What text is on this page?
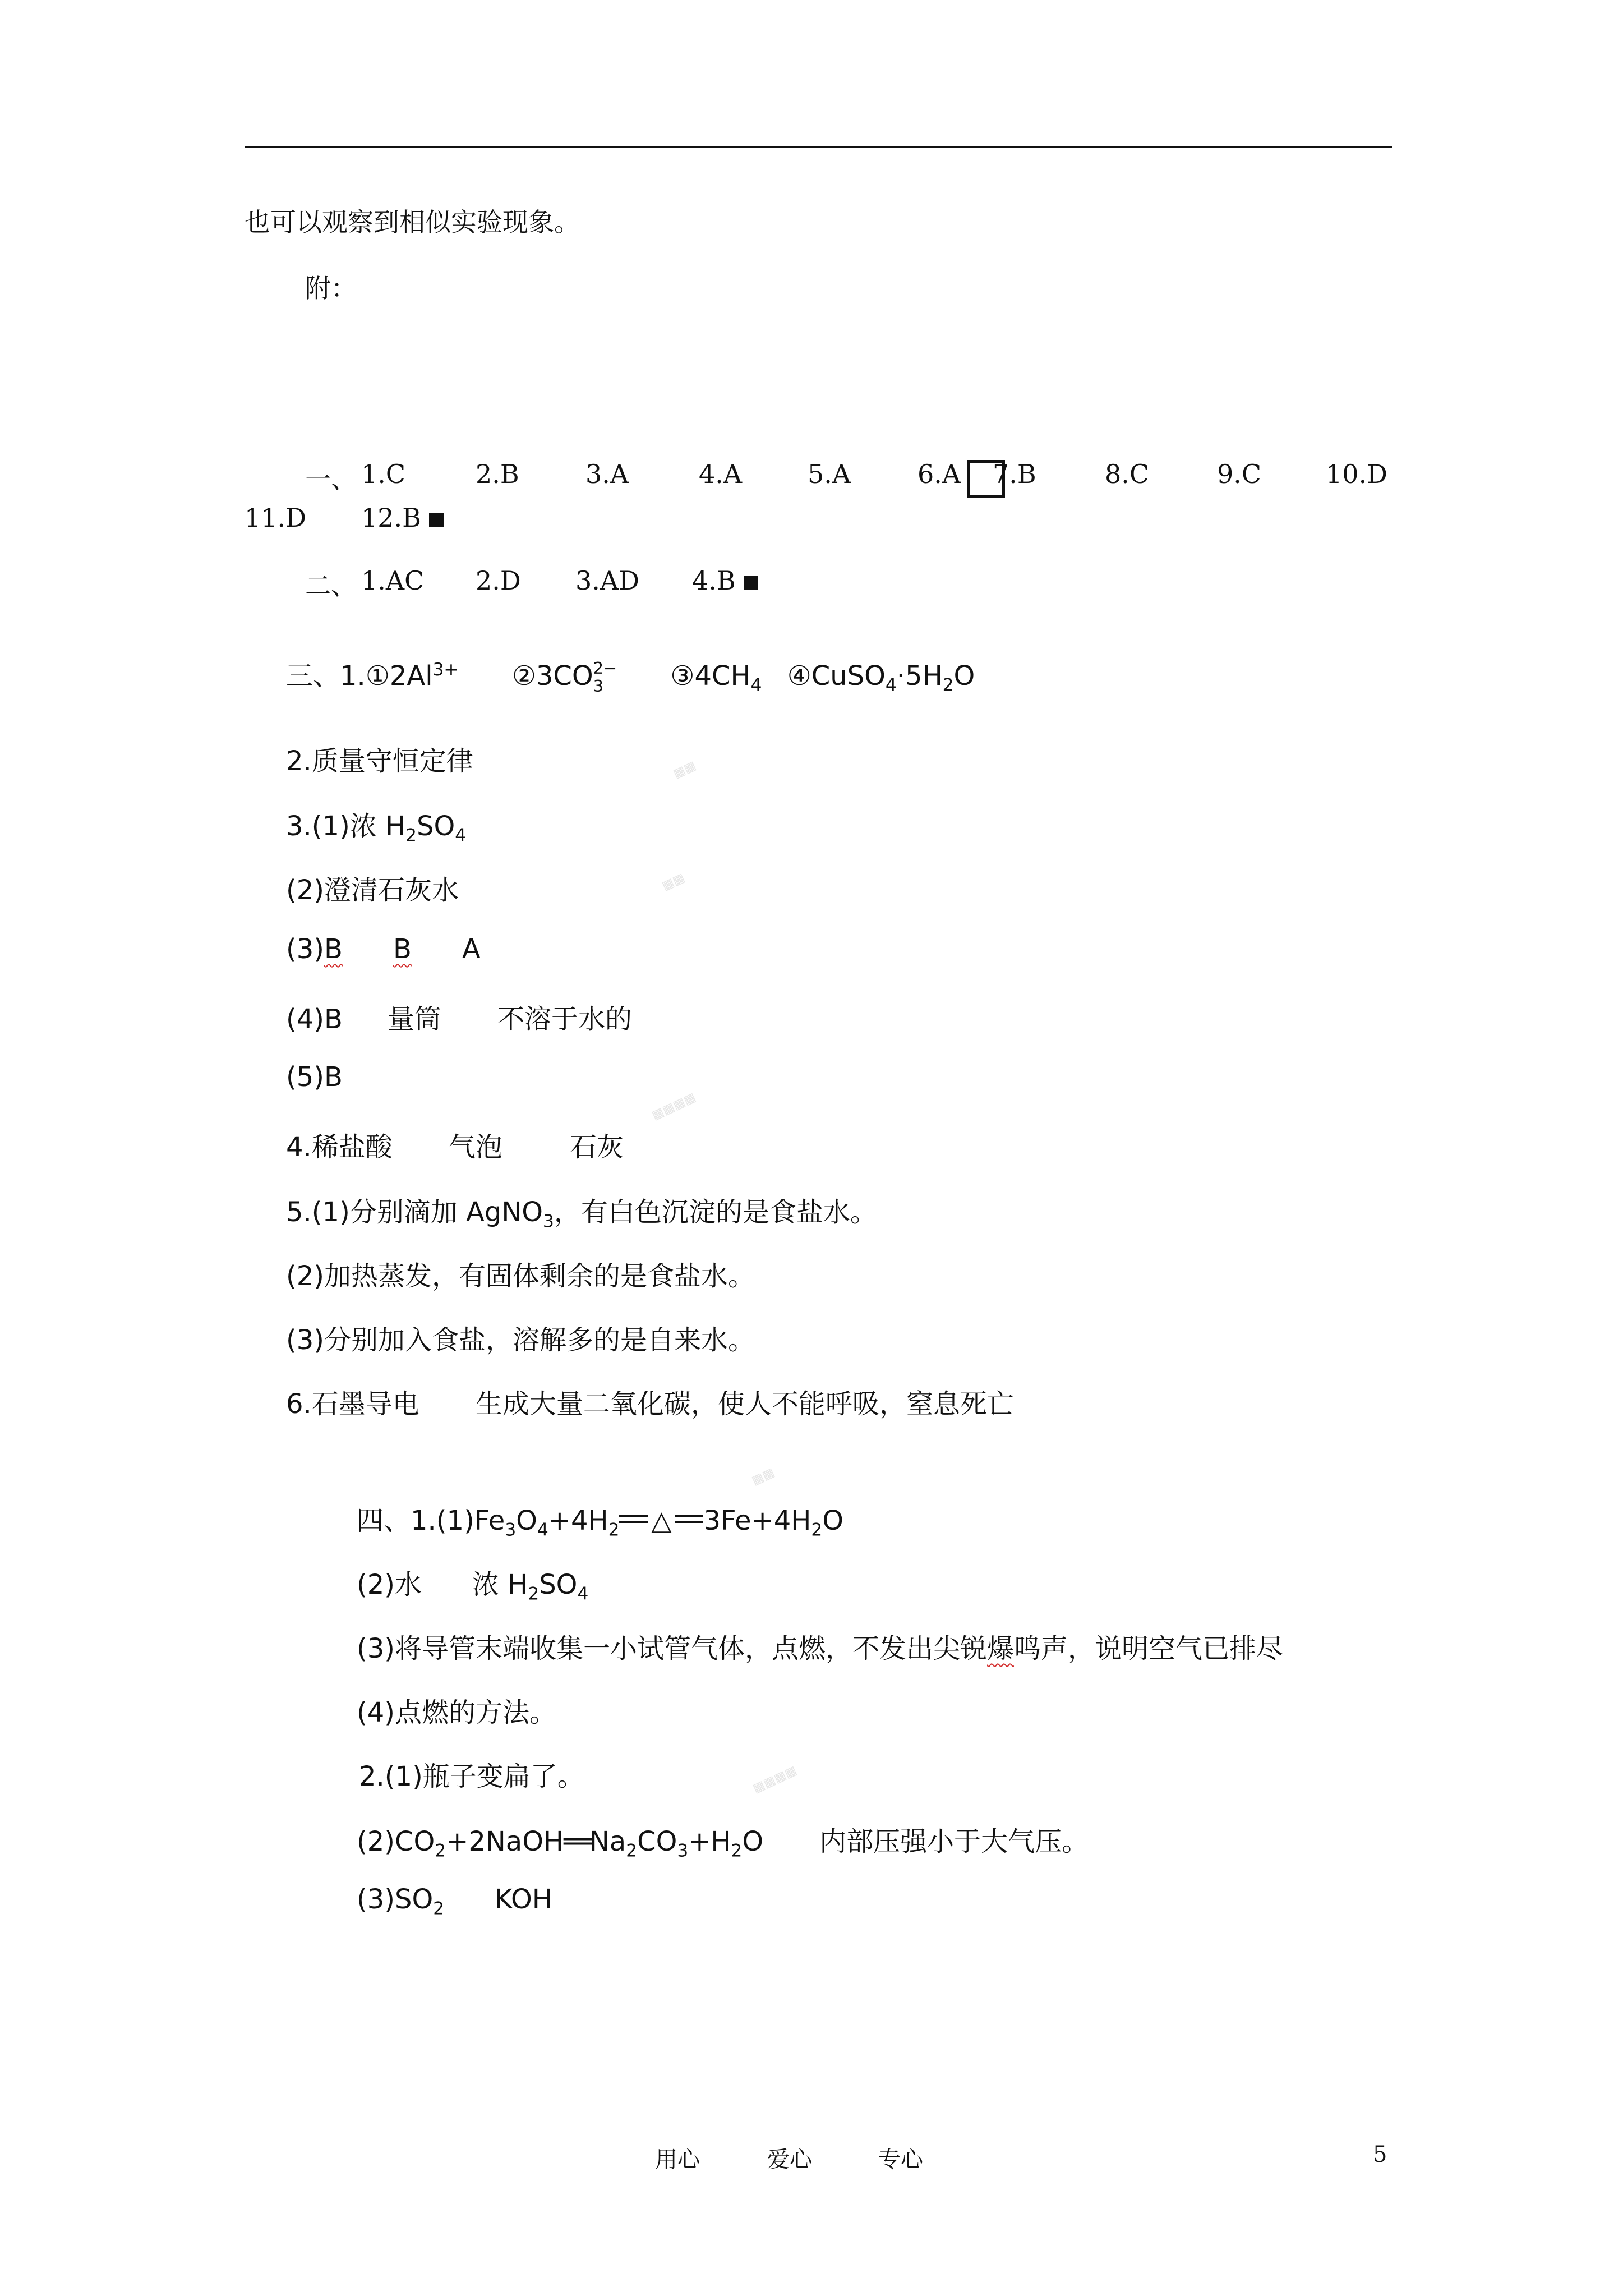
也可以观察到相似实验现象。
附：
一、 1.C	2.B	3.A	4.A	5.A	6.A 7.B	8.C	9.C 10.D
11.D 12.B
二、 1.AC 2.D 3.AD 4.B
三、$1.①2Al^{3+}$ ②3CO 2−
3	$③4CH_4$ $④CuSO_4\cdot 5H_2O$
2.质量守恒定律
3.(1)浓 $H_2SO_4$
(2)澄清石灰水
(3)B B A
(4)B 量筒 不溶于水的
(5)B
4.稀盐酸 气泡	石灰
5.(1)分别滴加 AgNO$_3$，有白色沉淀的是食盐水。
(2)加热蒸发，有固体剩余的是食盐水。
(3)分别加入食盐，溶解多的是自来水。
6.石墨导电 生成大量二氧化碳，使人不能呼吸，窒息死亡
四、$1.(1)Fe_3O_4+4H_2$ △ $3Fe+4H_2O$
(2)水 浓 $H_2SO_4$
(3)将导管末端收集一小试管气体，点燃，不发出尖锐爆鸣声，说明空气已排尽
(4)点燃的方法。
2.(1)瓶子变扁了。
$(2)CO_2+2NaOH══Na_2CO_3+H_2O$ 内部压强小于大气压。
$(3)SO_2$ KOH
▦▦
▦▦
▦▦▦▦
▦▦
▦▦▦▦
用心	爱心	专心	5
